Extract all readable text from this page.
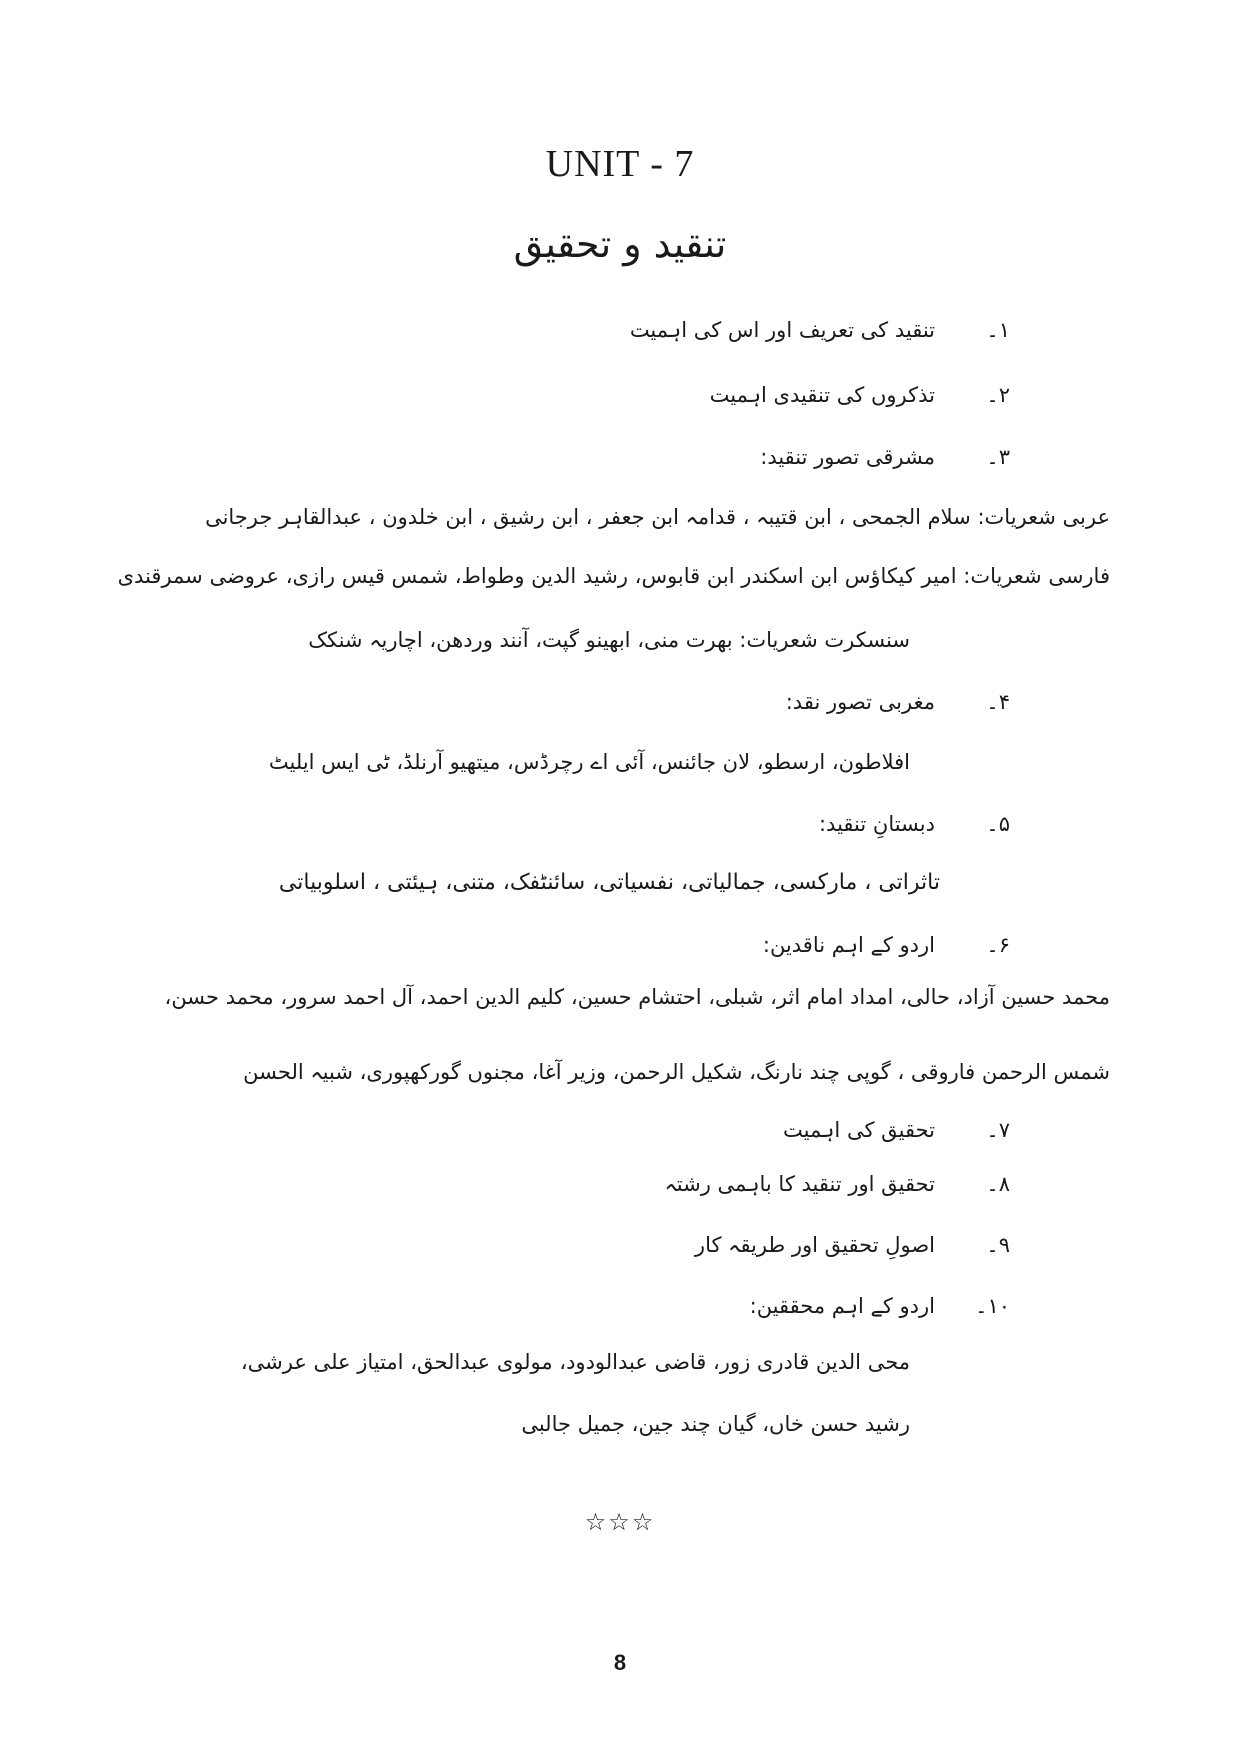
UNIT - 7
تنقید و تحقیق
۱۔
تنقید کی تعریف اور اس کی اہمیت
۲۔
تذکروں کی تنقیدی اہمیت
۳۔
مشرقی تصور تنقید:
عربی شعریات: سلام الجمحی ، ابن قتیبہ ، قدامہ ابن جعفر ، ابن رشیق ، ابن خلدون ، عبدالقاہر جرجانی
فارسی شعریات: امیر کیکاؤس ابن اسکندر ابن قابوس، رشید الدین وطواط، شمس قیس رازی، عروضی سمرقندی
سنسکرت شعریات: بھرت منی، ابھینو گپت، آنند وردھن، اچاریہ شنکک
۴۔
مغربی تصور نقد:
افلاطون، ارسطو، لان جائنس، آئی اے رچرڈس، میتھیو آرنلڈ، ٹی ایس ایلیٹ
۵۔
دبستانِ تنقید:
تاثراتی ، مارکسی، جمالیاتی، نفسیاتی، سائنٹفک، متنی، ہیئتی ، اسلوبیاتی
۶۔
اردو کے اہم ناقدین:
محمد حسین آزاد، حالی، امداد امام اثر، شبلی، احتشام حسین، کلیم الدین احمد، آل احمد سرور، محمد حسن،
شمس الرحمن فاروقی ، گوپی چند نارنگ، شکیل الرحمن، وزیر آغا، مجنوں گورکھپوری، شبیہ الحسن
۷۔
تحقیق کی اہمیت
۸۔
تحقیق اور تنقید کا باہمی رشتہ
۹۔
اصولِ تحقیق اور طریقہ کار
۱۰۔
اردو کے اہم محققین:
محی الدین قادری زور، قاضی عبدالودود، مولوی عبدالحق، امتیاز علی عرشی،
رشید حسن خاں، گیان چند جین، جمیل جالبی
☆☆☆
8
